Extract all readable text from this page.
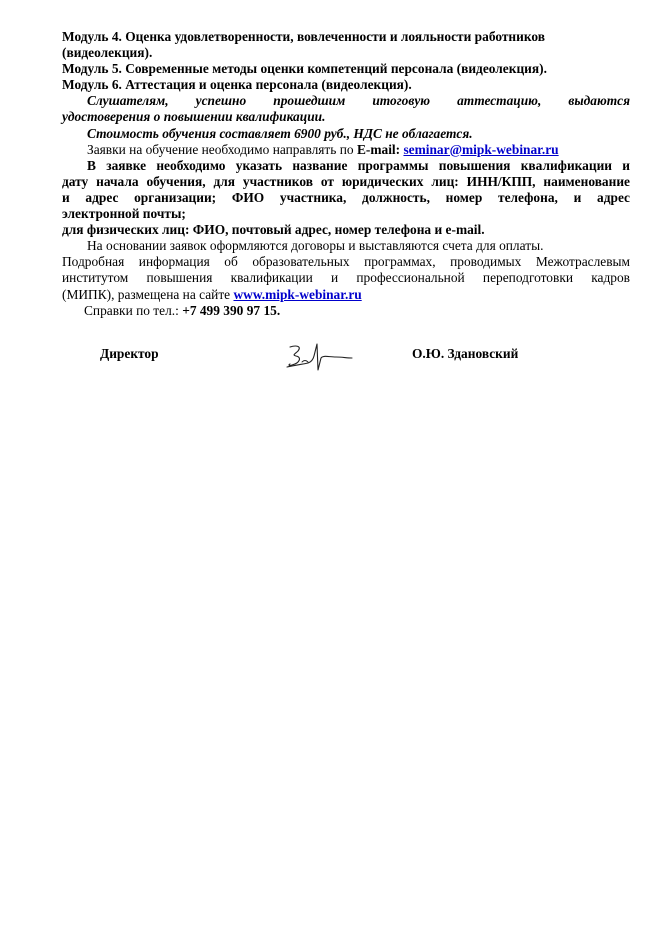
Модуль 4. Оценка удовлетворенности, вовлеченности и лояльности работников
(видеолекция).
Модуль 5. Современные методы оценки компетенций персонала (видеолекция).
Модуль 6. Аттестация и оценка персонала (видеолекция).
Слушателям, успешно прошедшим итоговую аттестацию, выдаются
удостоверения о повышении квалификации.
Стоимость обучения составляет 6900 руб., НДС не облагается.
Заявки на обучение необходимо направлять по E-mail: seminar@mipk-webinar.ru
В заявке необходимо указать название программы повышения квалификации и
дату начала обучения, для участников от юридических лиц: ИНН/КПП, наименование
и адрес организации; ФИО участника, должность, номер телефона, и адрес
электронной почты;
для физических лиц: ФИО, почтовый адрес, номер телефона и e-mail.
На основании заявок оформляются договоры и выставляются счета для оплаты.
Подробная информация об образовательных программах, проводимых Межотраслевым
институтом повышения квалификации и профессиональной переподготовки кадров
(МИПК), размещена на сайте www.mipk-webinar.ru
Справки по тел.: +7 499 390 97 15.
Директор	О.Ю. Здановский
